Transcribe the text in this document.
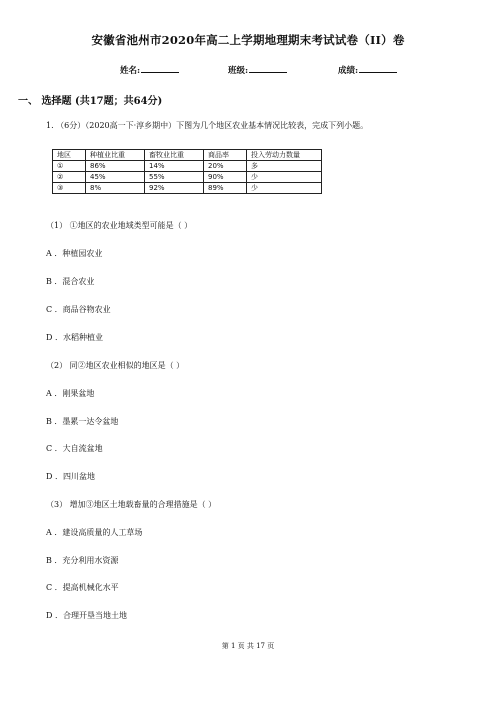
安徽省池州市2020年高二上学期地理期末考试试卷（II）卷
姓名:	班级:	成绩:
一、 选择题 (共17题；共64分)
1. （6分）（2020高一下·淳乡期中）下图为几个地区农业基本情况比较表，完成下列小题。
地区	种植业比重	畜牧业比重	商品率	投入劳动力数量
①	86%	14%	20%	多
②	45%	55%	90%	少
③	8%	92%	89%	少
（1） ①地区的农业地域类型可能是（ ）
A ．种植园农业
B ．混合农业
C ．商品谷物农业
D ．水稻种植业
（2） 同②地区农业相似的地区是（ ）
A ．刚果盆地
B ．墨累一达令盆地
C ．大自流盆地
D ．四川盆地
（3） 增加③地区土地载畜量的合理措施是（ ）
A ．建设高质量的人工草场
B ．充分利用水资源
C ．提高机械化水平
D ．合理开垦当地土地
第 1 页 共 17 页
